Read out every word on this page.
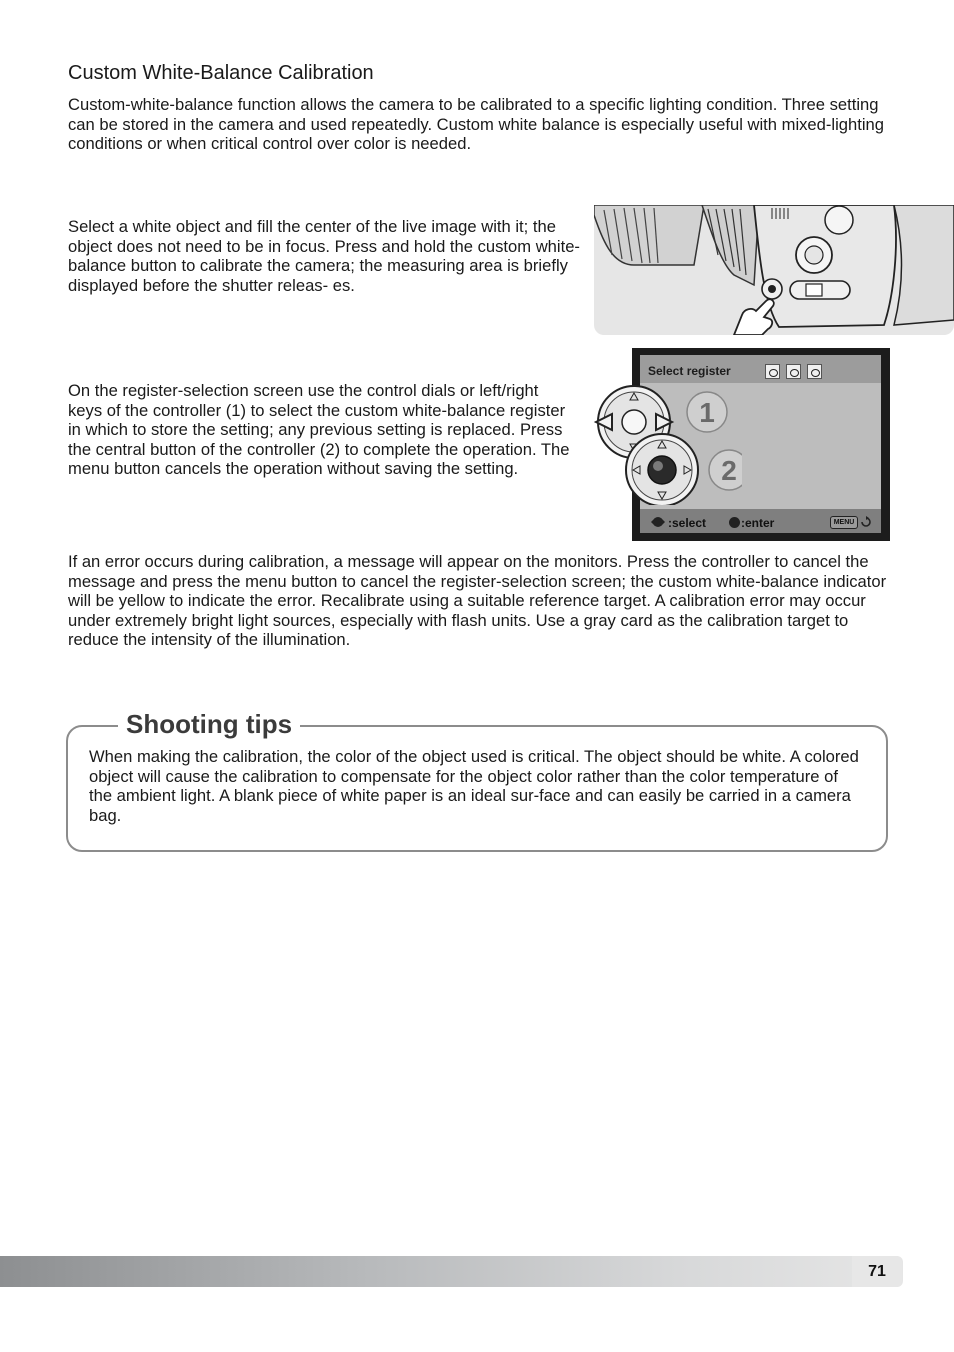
Custom White-Balance Calibration

Custom-white-balance function allows the camera to be calibrated to a specific lighting condition. Three setting can be stored in the camera and used repeatedly. Custom white balance is especially useful with mixed-lighting conditions or when critical control over color is needed.

Select a white object and fill the center of the live image with it; the object does not need to be in focus. Press and hold the custom white-balance button to calibrate the camera; the measuring area is briefly displayed before the shutter releas- es.

On the register-selection screen use the control dials or left/right keys of the controller (1) to select the custom white-balance register in which to store the setting; any previous setting is replaced. Press the central button of the controller (2) to complete the operation. The menu button cancels the operation without saving the setting.

Select register
:select	:enter	MENU
1
2

If an error occurs during calibration, a message will appear on the monitors. Press the controller to cancel the message and press the menu button to cancel the register-selection screen; the custom white-balance indicator will be yellow to indicate the error. Recalibrate using a suitable reference target. A calibration error may occur under extremely bright light sources, especially with flash units. Use a gray card as the calibration target to reduce the intensity of the illumination.

Shooting tips

When making the calibration, the color of the object used is critical. The object should be white. A colored object will cause the calibration to compensate for the object color rather than the color temperature of the ambient light. A blank piece of white paper is an ideal sur-face and can easily be carried in a camera bag.

71
